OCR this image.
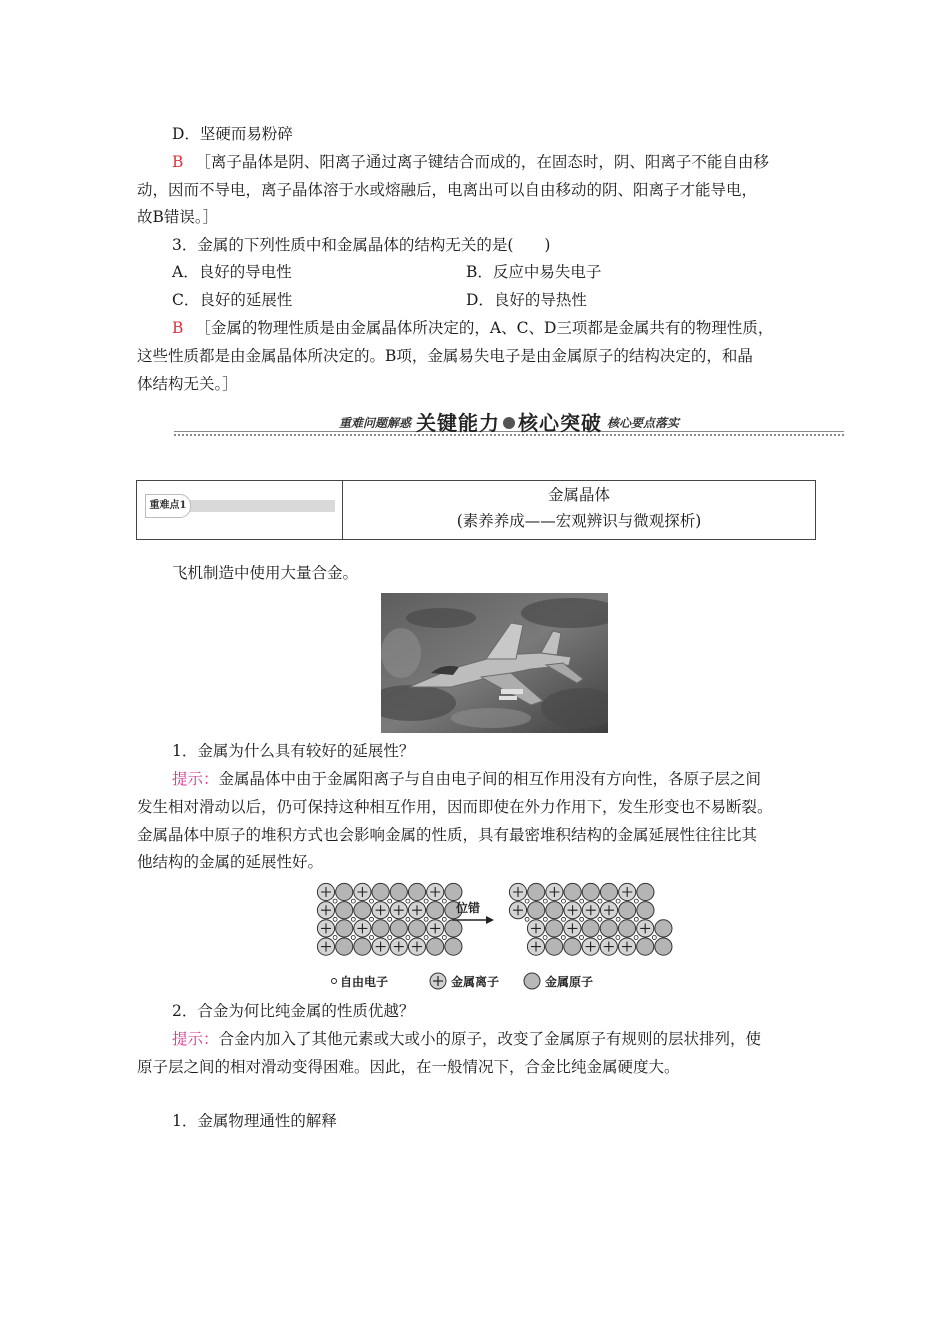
D．坚硬而易粉碎
B ［离子晶体是阴、阳离子通过离子键结合而成的，在固态时，阴、阳离子不能自由移
动，因而不导电，离子晶体溶于水或熔融后，电离出可以自由移动的阴、阳离子才能导电，
故B错误。］
3．金属的下列性质中和金属晶体的结构无关的是(　　)
A．良好的导电性	B．反应中易失电子
C．良好的延展性	D．良好的导热性
B ［金属的物理性质是由金属晶体所决定的，A、C、D三项都是金属共有的物理性质，
这些性质都是由金属晶体所决定的。B项，金属易失电子是由金属原子的结构决定的，和晶
体结构无关。］
重难问题解惑 关键能力 核心突破 核心要点落实
重难点1
金属晶体
(素养养成——宏观辨识与微观探析)
飞机制造中使用大量合金。
1．金属为什么具有较好的延展性？
提示：金属晶体中由于金属阳离子与自由电子间的相互作用没有方向性，各原子层之间
发生相对滑动以后，仍可保持这种相互作用，因而即使在外力作用下，发生形变也不易断裂。
金属晶体中原子的堆积方式也会影响金属的性质，具有最密堆积结构的金属延展性往往比其
他结构的金属的延展性好。
位错
自由电子	金属离子	金属原子
2．合金为何比纯金属的性质优越？
提示：合金内加入了其他元素或大或小的原子，改变了金属原子有规则的层状排列，使
原子层之间的相对滑动变得困难。因此，在一般情况下，合金比纯金属硬度大。
1．金属物理通性的解释
